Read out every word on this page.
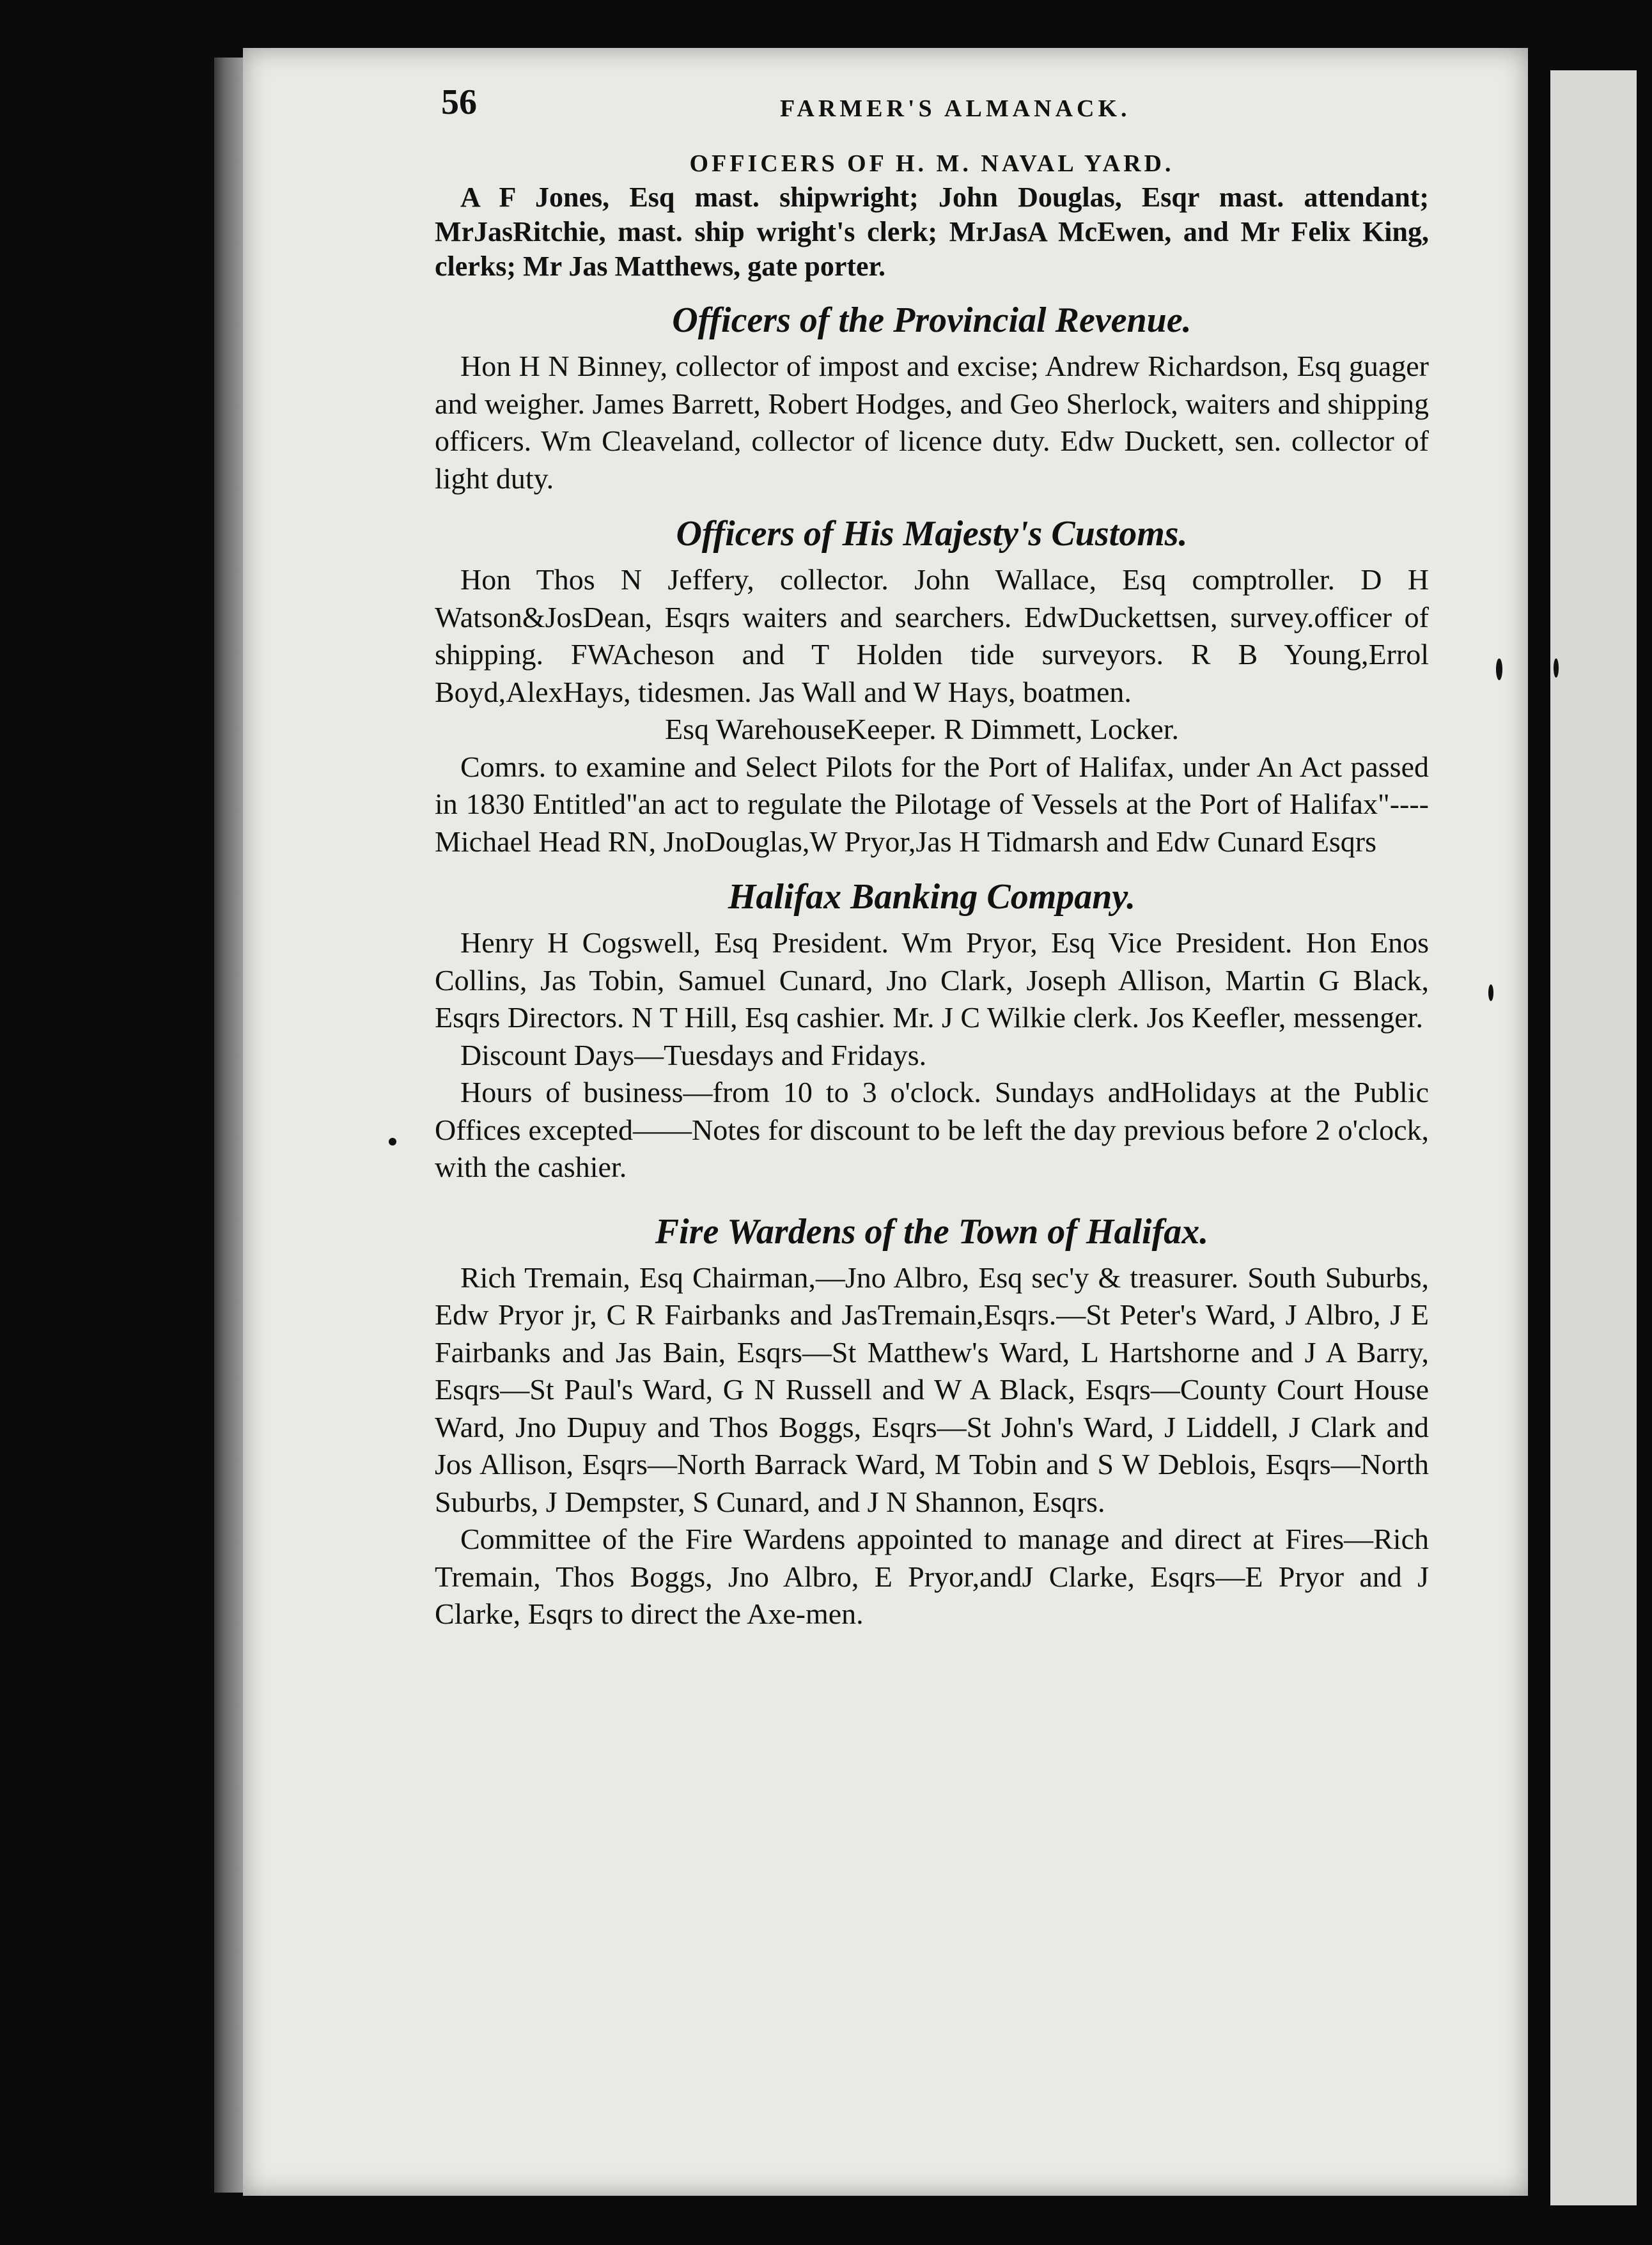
56	FARMER'S ALMANACK.
OFFICERS OF H. M. NAVAL YARD.

A F Jones, Esq mast. shipwright; John Douglas, Esqr mast. attendant; MrJasRitchie, mast. ship wright's clerk; MrJasA McEwen, and Mr Felix King, clerks; Mr Jas Matthews, gate porter.

Officers of the Provincial Revenue.

Hon H N Binney, collector of impost and excise; Andrew Richardson, Esq guager and weigher. James Barrett, Robert Hodges, and Geo Sherlock, waiters and shipping officers. Wm Cleaveland, collector of licence duty. Edw Duckett, sen. collector of light duty.

Officers of His Majesty's Customs.

Hon Thos N Jeffery, collector. John Wallace, Esq comptroller. D H Watson&JosDean, Esqrs waiters and searchers. EdwDuckettsen, survey.officer of shipping. FWAcheson and T Holden tide surveyors. R B Young,Errol Boyd,AlexHays, tidesmen. Jas Wall and W Hays, boatmen.

Esq WarehouseKeeper. R Dimmett, Locker.

Comrs. to examine and Select Pilots for the Port of Halifax, under An Act passed in 1830 Entitled"an act to regulate the Pilotage of Vessels at the Port of Halifax"----Michael Head RN, JnoDouglas,W Pryor,Jas H Tidmarsh and Edw Cunard Esqrs

Halifax Banking Company.

Henry H Cogswell, Esq President. Wm Pryor, Esq Vice President. Hon Enos Collins, Jas Tobin, Samuel Cunard, Jno Clark, Joseph Allison, Martin G Black, Esqrs Directors. N T Hill, Esq cashier. Mr. J C Wilkie clerk. Jos Keefler, messenger.

Discount Days—Tuesdays and Fridays.

Hours of business—from 10 to 3 o'clock. Sundays andHolidays at the Public Offices excepted——Notes for discount to be left the day previous before 2 o'clock, with the cashier.

Fire Wardens of the Town of Halifax.

Rich Tremain, Esq Chairman,—Jno Albro, Esq sec'y & treasurer. South Suburbs, Edw Pryor jr, C R Fairbanks and JasTremain,Esqrs.—St Peter's Ward, J Albro, J E Fairbanks and Jas Bain, Esqrs—St Matthew's Ward, L Hartshorne and J A Barry, Esqrs—St Paul's Ward, G N Russell and W A Black, Esqrs—County Court House Ward, Jno Dupuy and Thos Boggs, Esqrs—St John's Ward, J Liddell, J Clark and Jos Allison, Esqrs—North Barrack Ward, M Tobin and S W Deblois, Esqrs—North Suburbs, J Dempster, S Cunard, and J N Shannon, Esqrs.

Committee of the Fire Wardens appointed to manage and direct at Fires—Rich Tremain, Thos Boggs, Jno Albro, E Pryor,andJ Clarke, Esqrs—E Pryor and J Clarke, Esqrs to direct the Axe-men.
